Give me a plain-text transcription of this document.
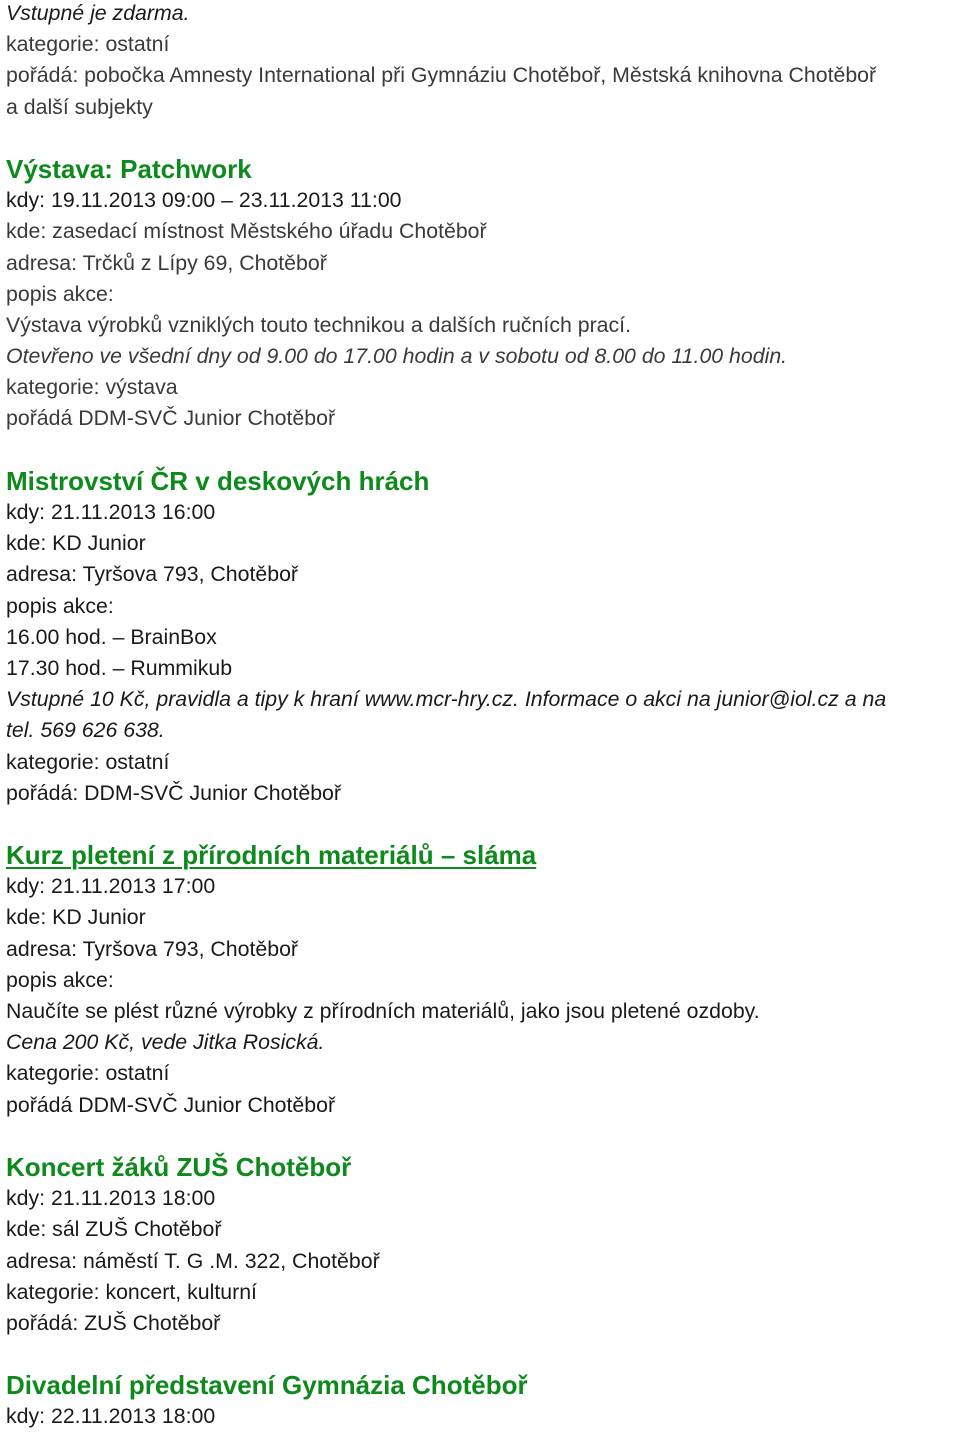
Vstupné je zdarma.
kategorie: ostatní
pořádá: pobočka Amnesty International při Gymnáziu Chotěboř, Městská knihovna Chotěboř
a další subjekty
Výstava: Patchwork
kdy: 19.11.2013 09:00 – 23.11.2013 11:00
kde: zasedací místnost Městského úřadu Chotěboř
adresa: Trčků z Lípy 69, Chotěboř
popis akce:
Výstava výrobků vzniklých touto technikou a dalších ručních prací.
Otevřeno ve všední dny od 9.00 do 17.00 hodin a v sobotu od 8.00 do 11.00 hodin.
kategorie: výstava
pořádá DDM-SVČ Junior Chotěboř
Mistrovství ČR v deskových hrách
kdy: 21.11.2013 16:00
kde: KD Junior
adresa: Tyršova 793, Chotěboř
popis akce:
16.00 hod. – BrainBox
17.30 hod. – Rummikub
Vstupné 10 Kč, pravidla a tipy k hraní www.mcr-hry.cz. Informace o akci na junior@iol.cz a na
tel. 569 626 638.
kategorie: ostatní
pořádá: DDM-SVČ Junior Chotěboř
Kurz pletení z přírodních materiálů – sláma
kdy: 21.11.2013 17:00
kde: KD Junior
adresa: Tyršova 793, Chotěboř
popis akce:
Naučíte se plést různé výrobky z přírodních materiálů, jako jsou pletené ozdoby.
Cena 200 Kč, vede Jitka Rosická.
kategorie: ostatní
pořádá DDM-SVČ Junior Chotěboř
Koncert žáků ZUŠ Chotěboř
kdy: 21.11.2013 18:00
kde: sál ZUŠ Chotěboř
adresa: náměstí T. G .M. 322, Chotěboř
kategorie: koncert, kulturní
pořádá: ZUŠ Chotěboř
Divadelní představení Gymnázia Chotěboř
kdy: 22.11.2013 18:00
